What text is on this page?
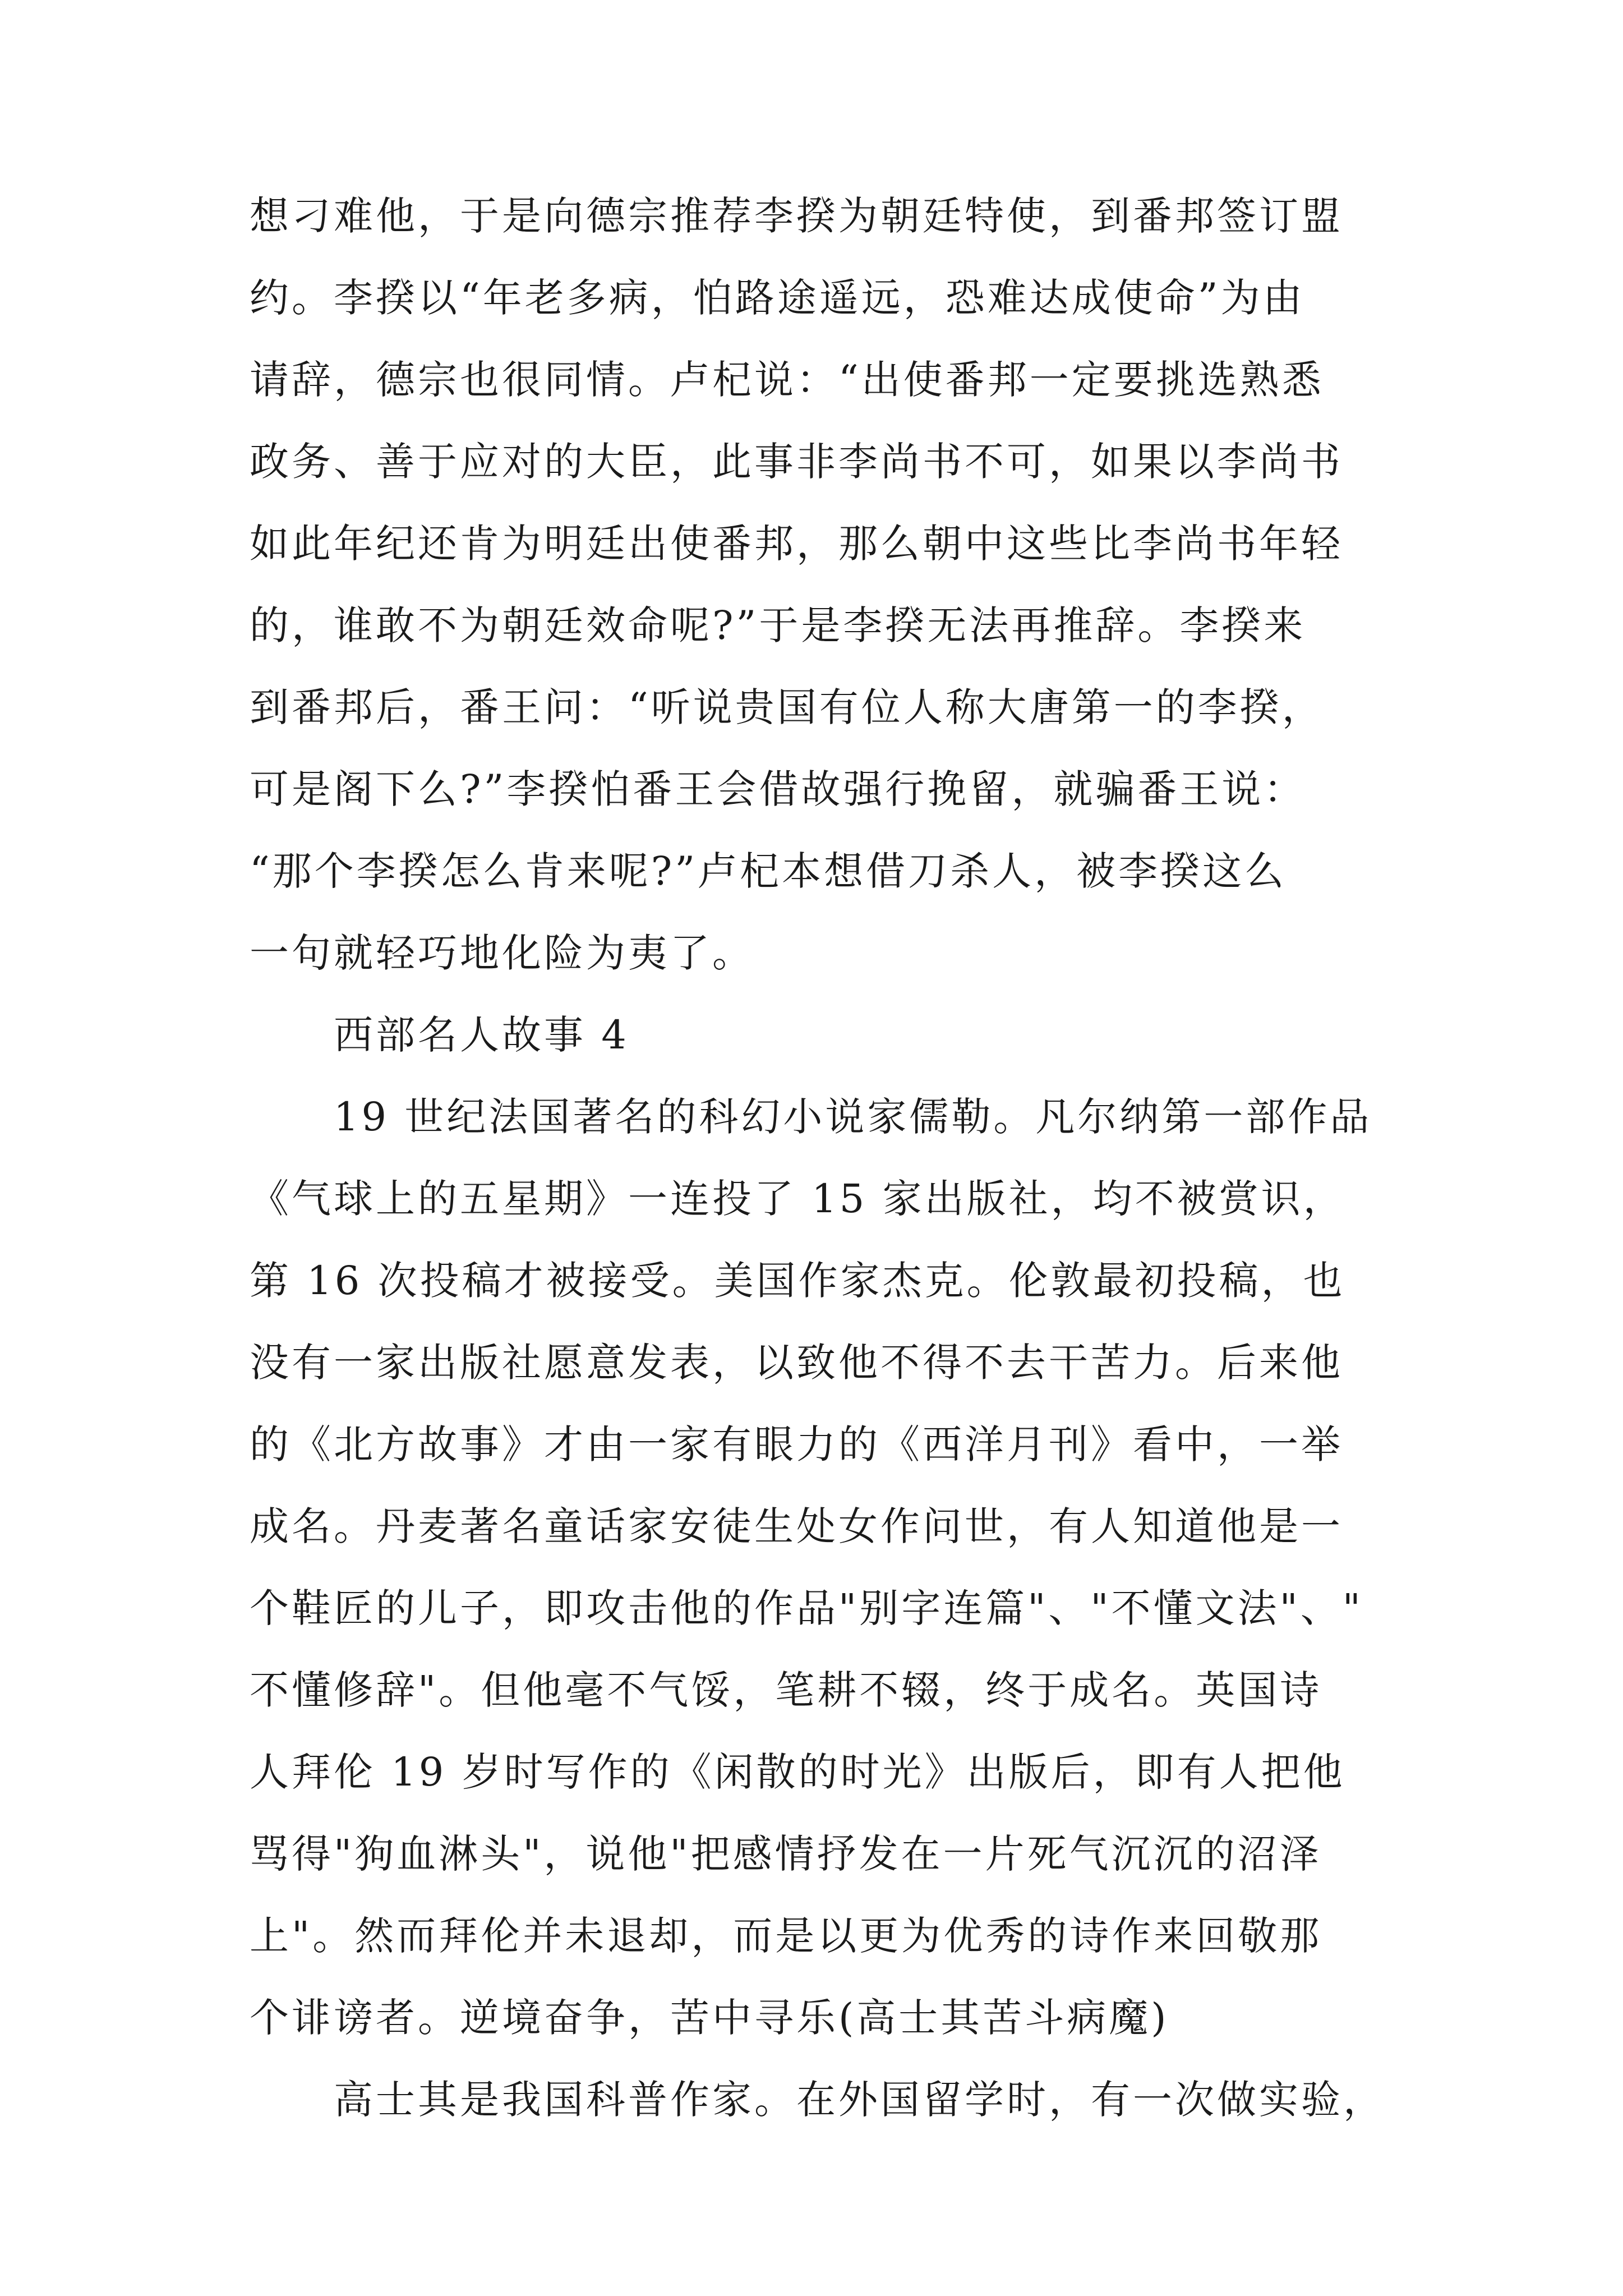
想刁难他，于是向德宗推荐李揆为朝廷特使，到番邦签订盟
约。李揆以“年老多病，怕路途遥远，恐难达成使命”为由
请辞，德宗也很同情。卢杞说：“出使番邦一定要挑选熟悉
政务、善于应对的大臣，此事非李尚书不可，如果以李尚书
如此年纪还肯为明廷出使番邦，那么朝中这些比李尚书年轻
的，谁敢不为朝廷效命呢?”于是李揆无法再推辞。李揆来
到番邦后，番王问：“听说贵国有位人称大唐第一的李揆，
可是阁下么?”李揆怕番王会借故强行挽留，就骗番王说：
“那个李揆怎么肯来呢?”卢杞本想借刀杀人，被李揆这么
一句就轻巧地化险为夷了。
西部名人故事 4
19 世纪法国著名的科幻小说家儒勒。凡尔纳第一部作品
《气球上的五星期》一连投了 15 家出版社，均不被赏识，
第 16 次投稿才被接受。美国作家杰克。伦敦最初投稿，也
没有一家出版社愿意发表，以致他不得不去干苦力。后来他
的《北方故事》才由一家有眼力的《西洋月刊》看中，一举
成名。丹麦著名童话家安徒生处女作问世，有人知道他是一
个鞋匠的儿子，即攻击他的作品"别字连篇"、"不懂文法"、"
不懂修辞"。但他毫不气馁，笔耕不辍，终于成名。英国诗
人拜伦 19 岁时写作的《闲散的时光》出版后，即有人把他
骂得"狗血淋头"，说他"把感情抒发在一片死气沉沉的沼泽
上"。然而拜伦并未退却，而是以更为优秀的诗作来回敬那
个诽谤者。逆境奋争，苦中寻乐(高士其苦斗病魔)
高士其是我国科普作家。在外国留学时，有一次做实验，
